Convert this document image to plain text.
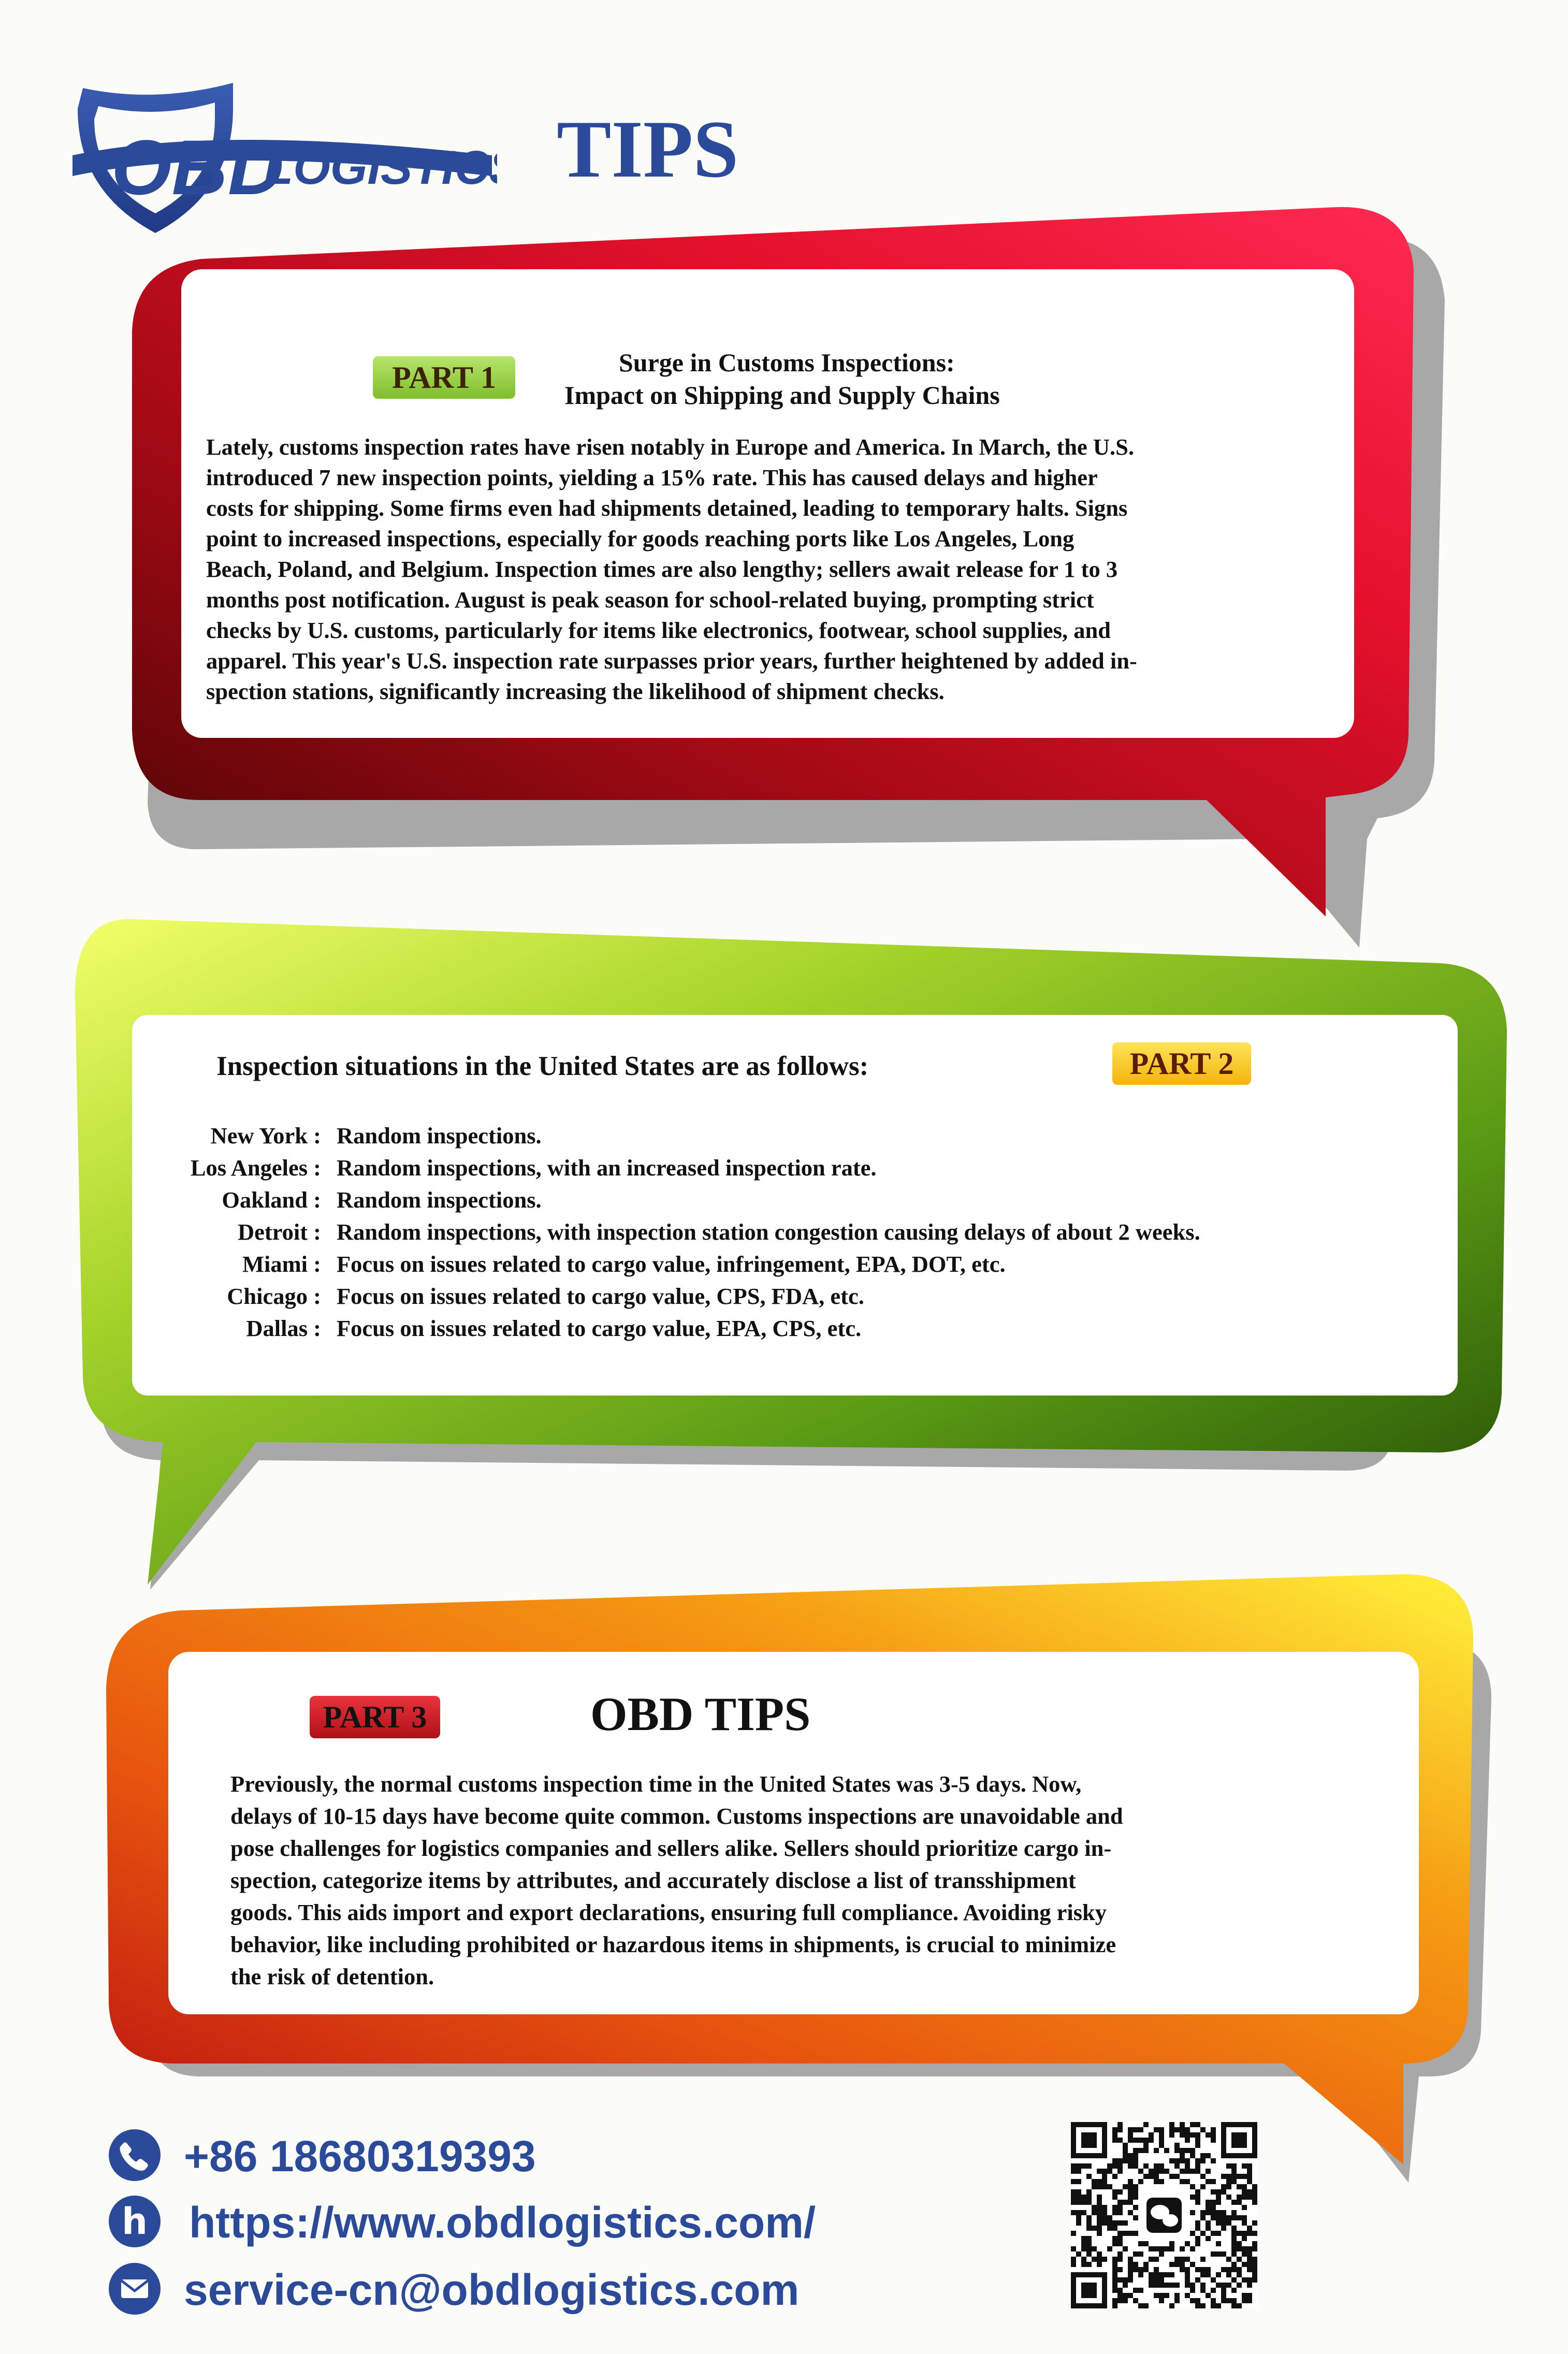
OBD
LOGISTICS TIPS
PART 1	Surge in Customs Inspections:
Impact on Shipping and Supply Chains
Lately, customs inspection rates have risen notably in Europe and America. In March, the U.S.
introduced 7 new inspection points, yielding a 15% rate. This has caused delays and higher
costs for shipping. Some firms even had shipments detained, leading to temporary halts. Signs
point to increased inspections, especially for goods reaching ports like Los Angeles, Long
Beach, Poland, and Belgium. Inspection times are also lengthy; sellers await release for 1 to 3
months post notification. August is peak season for school-related buying, prompting strict
checks by U.S. customs, particularly for items like electronics, footwear, school supplies, and
apparel. This year's U.S. inspection rate surpasses prior years, further heightened by added in-
spection stations, significantly increasing the likelihood of shipment checks.
Inspection situations in the United States are as follows:	PART 2
New York : Random inspections.
Los Angeles : Random inspections, with an increased inspection rate.
Oakland : Random inspections.
Detroit : Random inspections, with inspection station congestion causing delays of about 2 weeks.
Miami : Focus on issues related to cargo value, infringement, EPA, DOT, etc.
Chicago : Focus on issues related to cargo value, CPS, FDA, etc.
Dallas : Focus on issues related to cargo value, EPA, CPS, etc.
PART 3	OBD TIPS
Previously, the normal customs inspection time in the United States was 3-5 days. Now,
delays of 10-15 days have become quite common. Customs inspections are unavoidable and
pose challenges for logistics companies and sellers alike. Sellers should prioritize cargo in-
spection, categorize items by attributes, and accurately disclose a list of transshipment
goods. This aids import and export declarations, ensuring full compliance. Avoiding risky
behavior, like including prohibited or hazardous items in shipments, is crucial to minimize
the risk of detention.
+86 18680319393
h https://www.obdlogistics.com/
service-cn@obdlogistics.com
